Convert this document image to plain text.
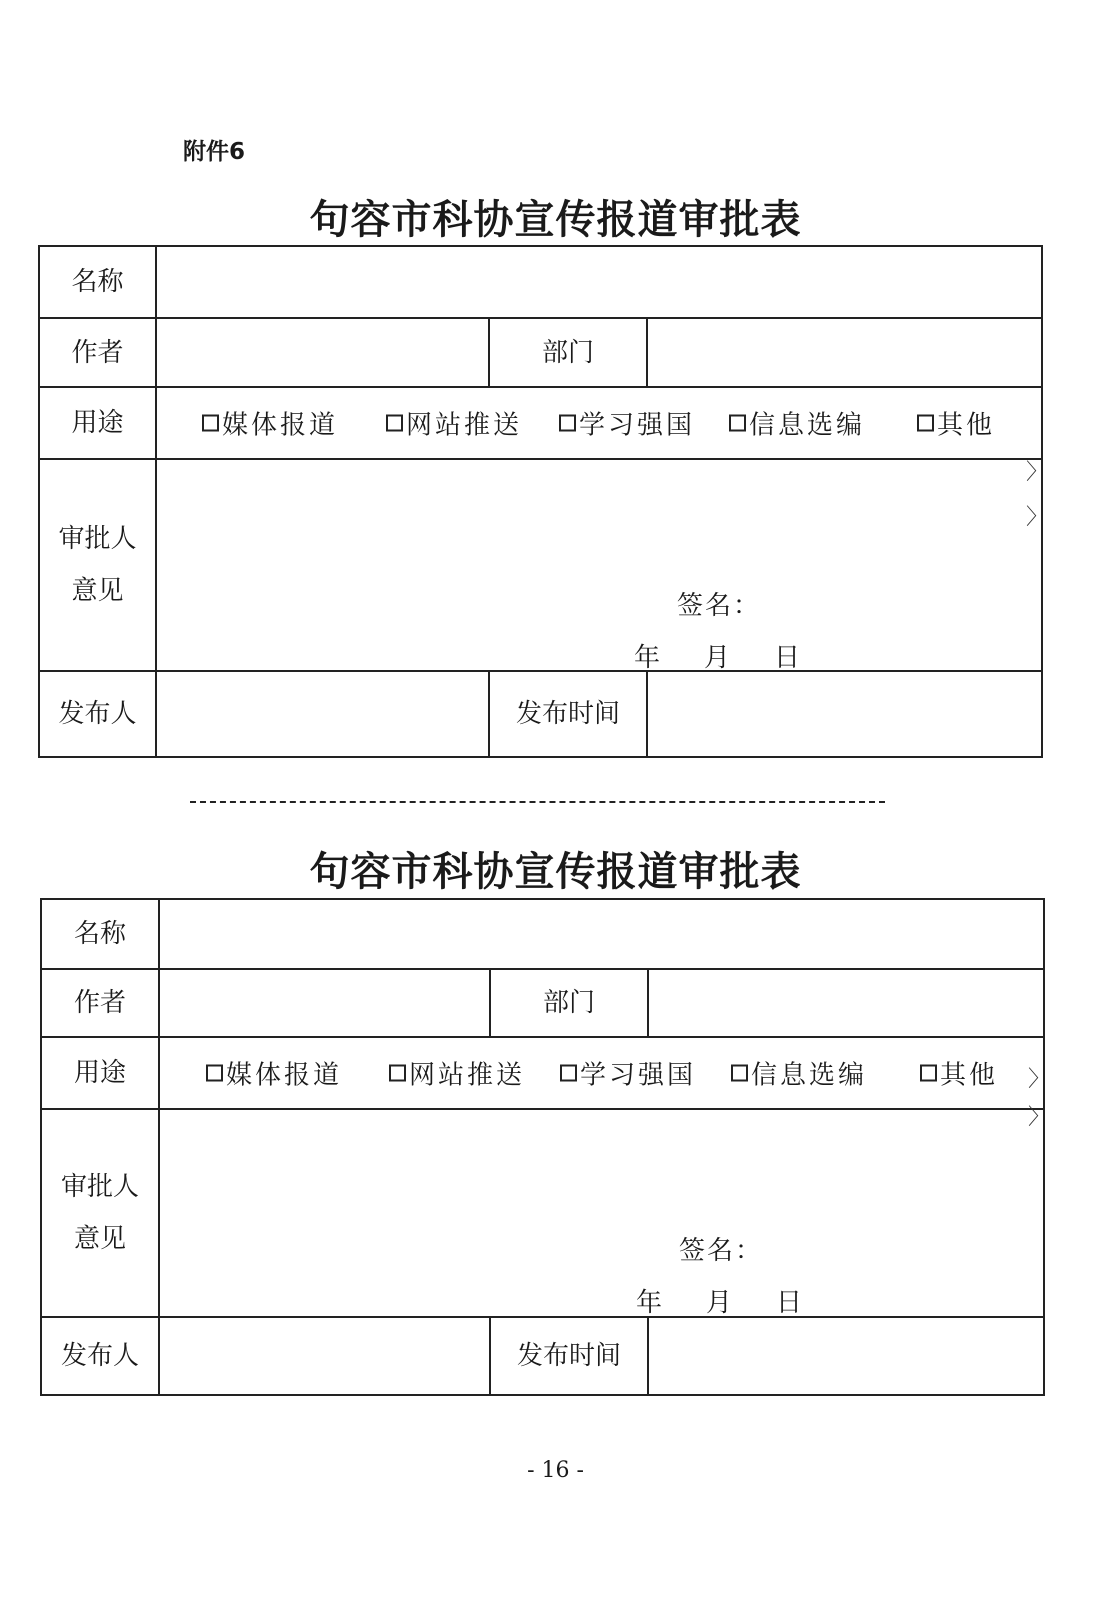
附件6
句容市科协宣传报道审批表
名称
作者	部门
用途	媒体报道	网站推送 学习强国 信息选编	其他
审批人
意见	签名：
年 月 日
发布人	发布时间
〉
〉
句容市科协宣传报道审批表
名称
作者	部门
用途	媒体报道	网站推送 学习强国 信息选编	其他
审批人
意见	签名：
年 月 日
发布人	发布时间
〉
〉
- 16 -
